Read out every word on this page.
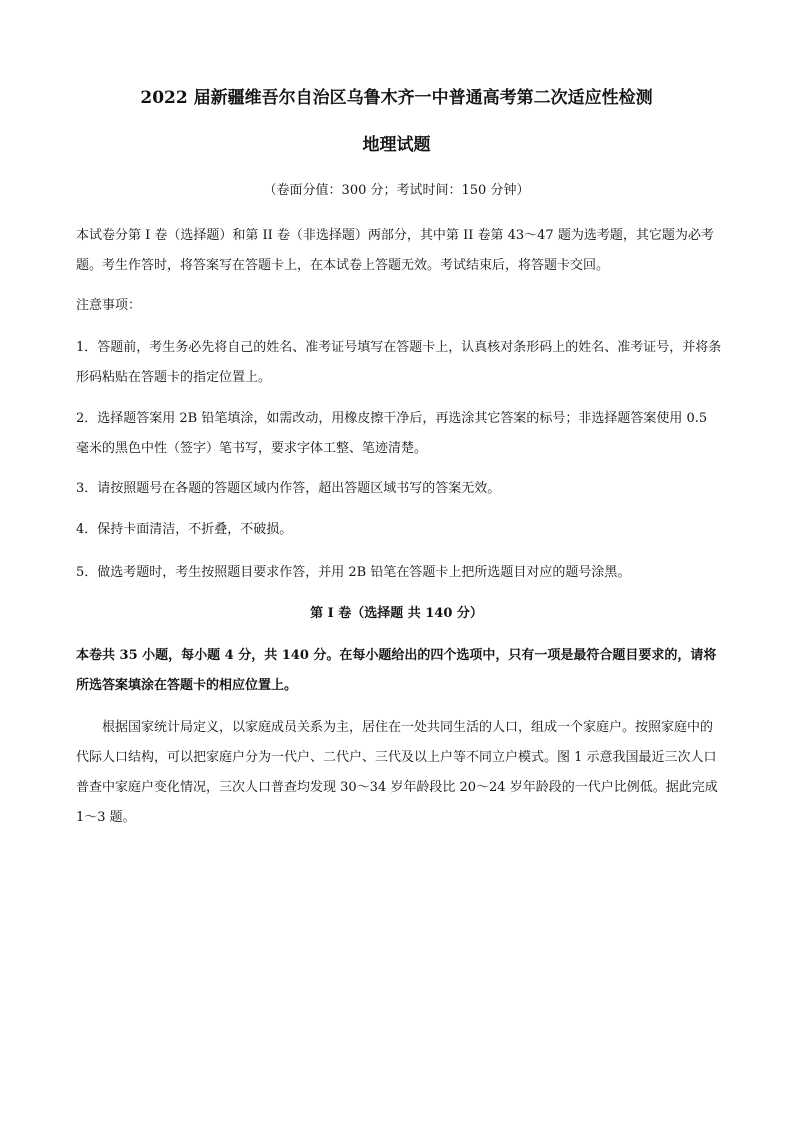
2022 届新疆维吾尔自治区乌鲁木齐一中普通高考第二次适应性检测
地理试题

（卷面分值：300 分；考试时间：150 分钟）

本试卷分第 I 卷（选择题）和第 II 卷（非选择题）两部分，其中第 II 卷第 43～47 题为选考题，其它题为必考题。考生作答时，将答案写在答题卡上，在本试卷上答题无效。考试结束后，将答题卡交回。

注意事项：

1．答题前，考生务必先将自己的姓名、准考证号填写在答题卡上，认真核对条形码上的姓名、准考证号，并将条形码粘贴在答题卡的指定位置上。

2．选择题答案用 2B 铅笔填涂，如需改动，用橡皮擦干净后，再选涂其它答案的标号；非选择题答案使用 0.5 毫米的黑色中性（签字）笔书写，要求字体工整、笔迹清楚。

3．请按照题号在各题的答题区域内作答，超出答题区域书写的答案无效。

4．保持卡面清洁，不折叠，不破损。

5．做选考题时，考生按照题目要求作答，并用 2B 铅笔在答题卡上把所选题目对应的题号涂黑。

第 I 卷（选择题 共 140 分）

本卷共 35 小题，每小题 4 分，共 140 分。在每小题给出的四个选项中，只有一项是最符合题目要求的，请将所选答案填涂在答题卡的相应位置上。

根据国家统计局定义，以家庭成员关系为主，居住在一处共同生活的人口，组成一个家庭户。按照家庭中的代际人口结构，可以把家庭户分为一代户、二代户、三代及以上户等不同立户模式。图 1 示意我国最近三次人口普查中家庭户变化情况，三次人口普查均发现 30～34 岁年龄段比 20～24 岁年龄段的一代户比例低。据此完成 1～3 题。
